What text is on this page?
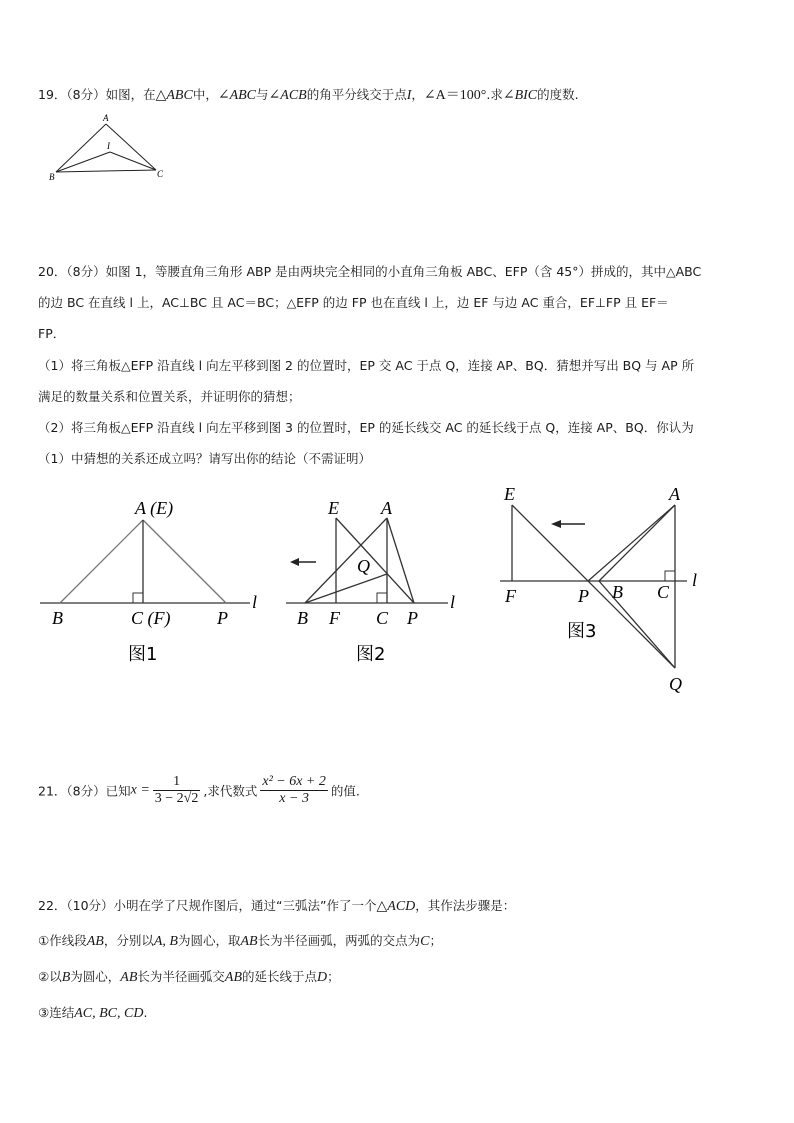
19．（8分）如图，在△ABC中，∠ABC与∠ACB的角平分线交于点I，∠A＝100°.求∠BIC的度数.
A
B	C
I
20．（8分）如图 1，等腰直角三角形 ABP 是由两块完全相同的小直角三角板 ABC、EFP（含 45°）拼成的，其中△ABC
的边 BC 在直线 l 上，AC⊥BC 且 AC＝BC；△EFP 的边 FP 也在直线 l 上，边 EF 与边 AC 重合，EF⊥FP 且 EF＝
FP．
（1）将三角板△EFP 沿直线 l 向左平移到图 2 的位置时，EP 交 AC 于点 Q，连接 AP、BQ．猜想并写出 BQ 与 AP 所
满足的数量关系和位置关系，并证明你的猜想；
（2）将三角板△EFP 沿直线 l 向左平移到图 3 的位置时，EP 的延长线交 AC 的延长线于点 Q，连接 AP、BQ．你认为
（1）中猜想的关系还成立吗？请写出你的结论（不需证明）
A (E)
B	C (F)	P
l
图1
E A
Q
B F C P
l
图2
E	A
F	P B C
l
Q
图3
21．（8分）已知$x = \frac{1}{3 - 2√2}$ ,求代数式 $\frac{\text{x² − 6x + 2}}{x - 3}$ 的值.
22．（10分）小明在学了尺规作图后，通过“三弧法”作了一个△ACD，其作法步骤是：
①作线段AB，分别以A, B为圆心，取AB长为半径画弧，两弧的交点为C；
②以B为圆心，AB长为半径画弧交AB的延长线于点D；
③连结AC, BC, CD.
